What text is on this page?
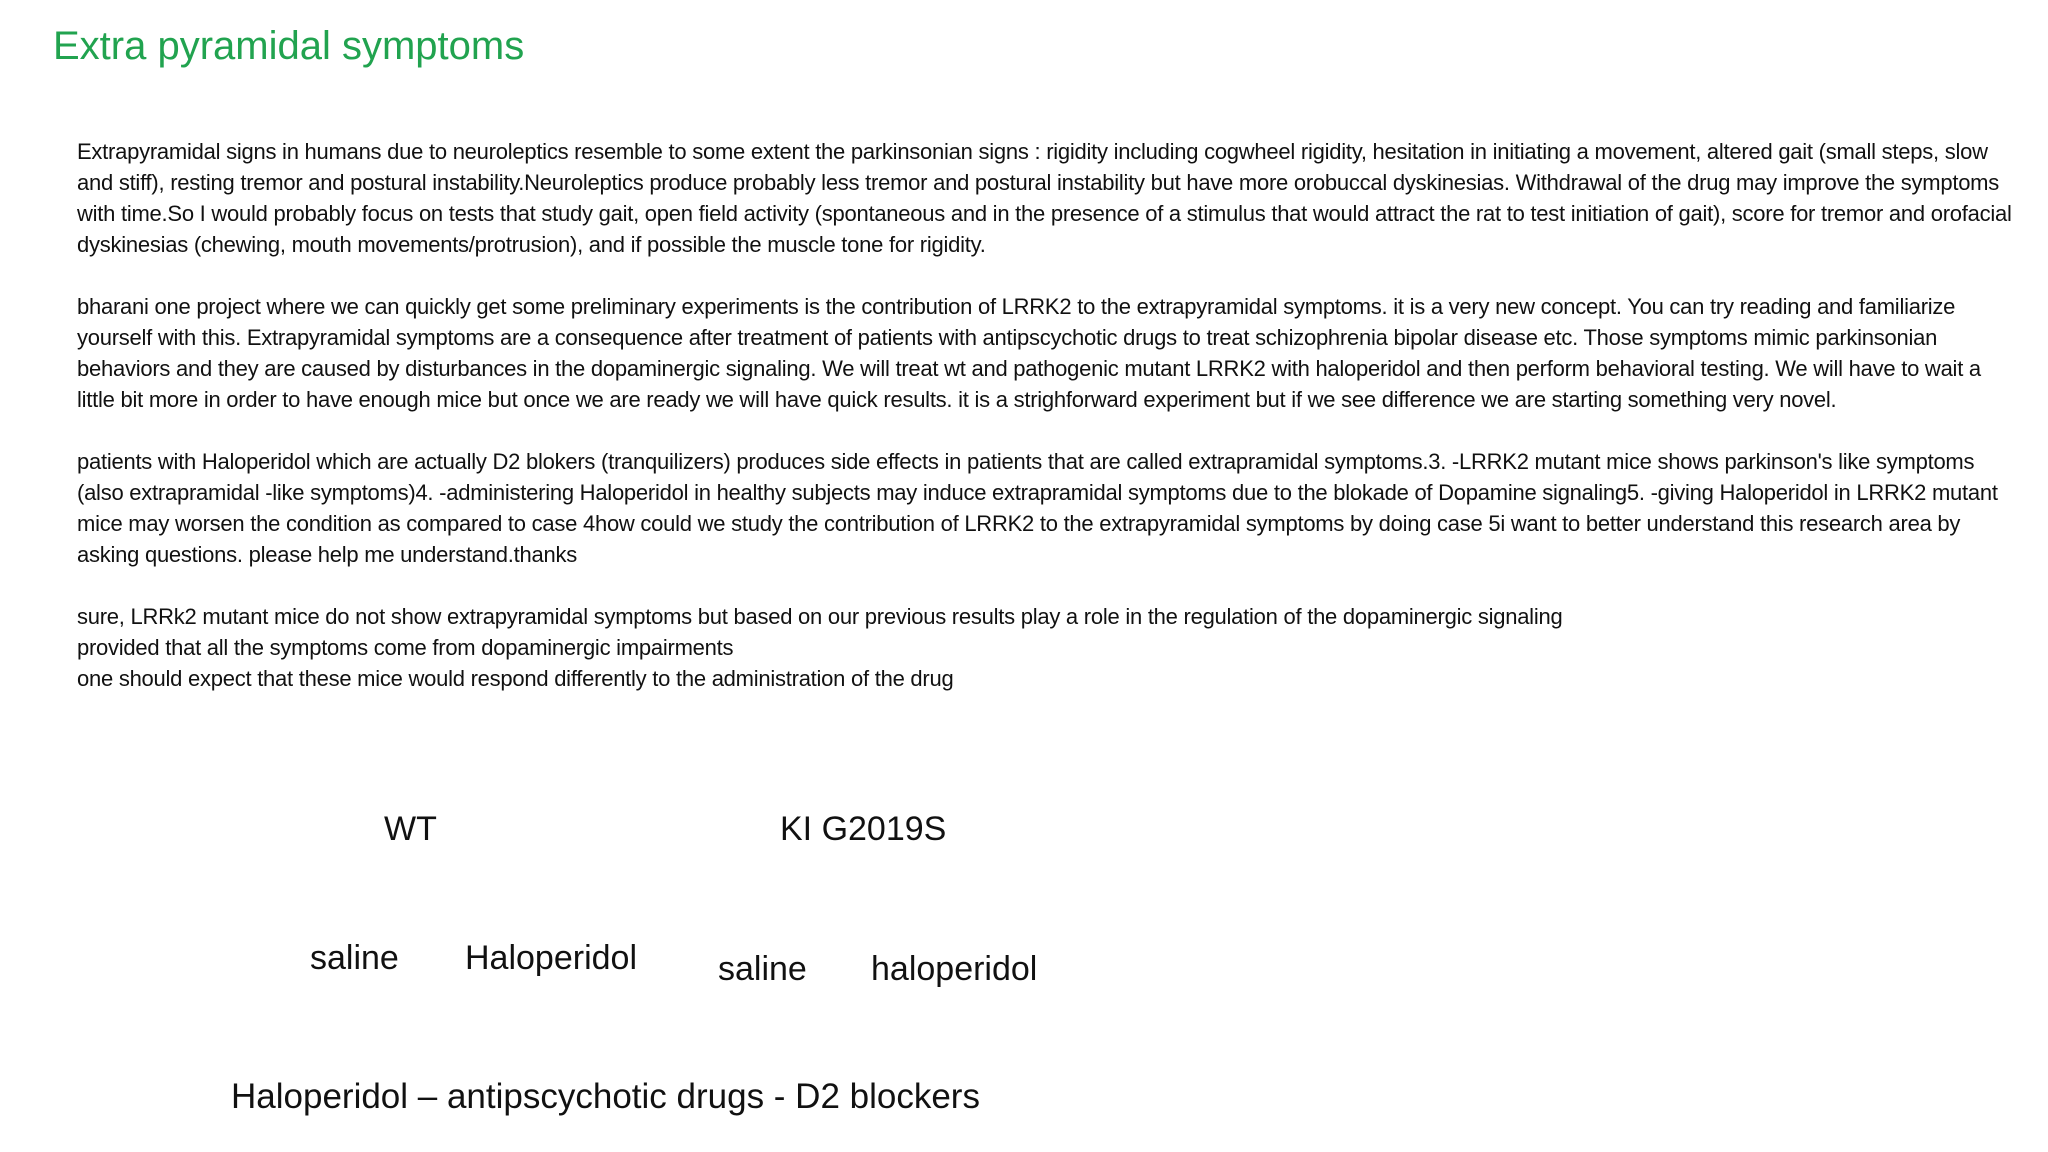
Extra pyramidal symptoms

Extrapyramidal signs in humans due to neuroleptics resemble to some extent the parkinsonian signs : rigidity including cogwheel rigidity, hesitation in initiating a movement, altered gait (small steps, slow and stiff), resting tremor and postural instability.Neuroleptics produce probably less tremor and postural instability but have more orobuccal dyskinesias. Withdrawal of the drug may improve the symptoms with time.So I would probably focus on tests that study gait, open field activity (spontaneous and in the presence of a stimulus that would attract the rat to test initiation of gait), score for tremor and orofacial dyskinesias (chewing, mouth movements/protrusion), and if possible the muscle tone for rigidity.

bharani one project where we can quickly get some preliminary experiments is the contribution of LRRK2 to the extrapyramidal symptoms. it is a very new concept. You can try reading and familiarize yourself with this. Extrapyramidal symptoms are a consequence after treatment of patients with antipscychotic drugs to treat schizophrenia bipolar disease etc. Those symptoms mimic parkinsonian behaviors and they are caused by disturbances in the dopaminergic signaling. We will treat wt and pathogenic mutant LRRK2 with haloperidol and then perform behavioral testing. We will have to wait a little bit more in order to have enough mice but once we are ready we will have quick results. it is a strighforward experiment but if we see difference we are starting something very novel.

patients with Haloperidol which are actually D2 blokers (tranquilizers) produces side effects in patients that are called extrapramidal symptoms.3. -LRRK2 mutant mice shows parkinson's like symptoms (also extrapramidal -like symptoms)4. -administering Haloperidol in healthy subjects may induce extrapramidal symptoms due to the blokade of Dopamine signaling5. -giving Haloperidol in LRRK2 mutant mice may worsen the condition as compared to case 4how could we study the contribution of LRRK2 to the extrapyramidal symptoms by doing case 5i want to better understand this research area by asking questions. please help me understand.thanks

sure, LRRk2 mutant mice do not show extrapyramidal symptoms but based on our previous results play a role in the regulation of the dopaminergic signaling
provided that all the symptoms come from dopaminergic impairments
one should expect that these mice would respond differently to the administration of the drug
WT	KI G2019S
saline Haloperidol saline haloperidol
Haloperidol – antipscychotic drugs - D2 blockers
